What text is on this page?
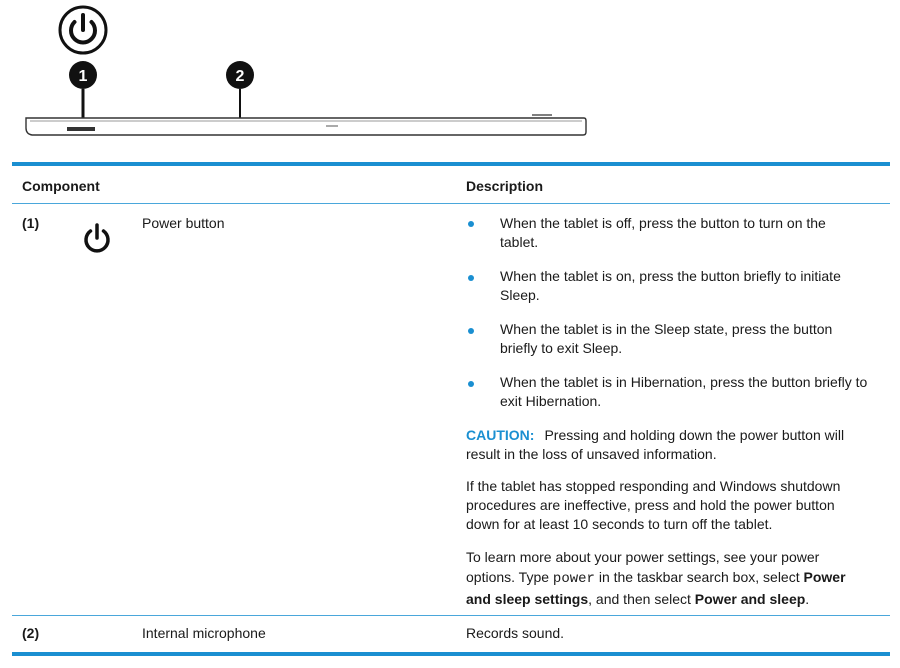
1	2
Component	Description
(1)	Power button	When the tablet is off, press the button to turn on the tablet.
When the tablet is on, press the button briefly to initiate Sleep.
When the tablet is in the Sleep state, press the button briefly to exit Sleep.
When the tablet is in Hibernation, press the button briefly to exit Hibernation.
CAUTION: Pressing and holding down the power button will result in the loss of unsaved information.
If the tablet has stopped responding and Windows shutdown procedures are ineffective, press and hold the power button down for at least 10 seconds to turn off the tablet.
To learn more about your power settings, see your power options. Type power in the taskbar search box, select Power and sleep settings, and then select Power and sleep.
(2)	Internal microphone	Records sound.
